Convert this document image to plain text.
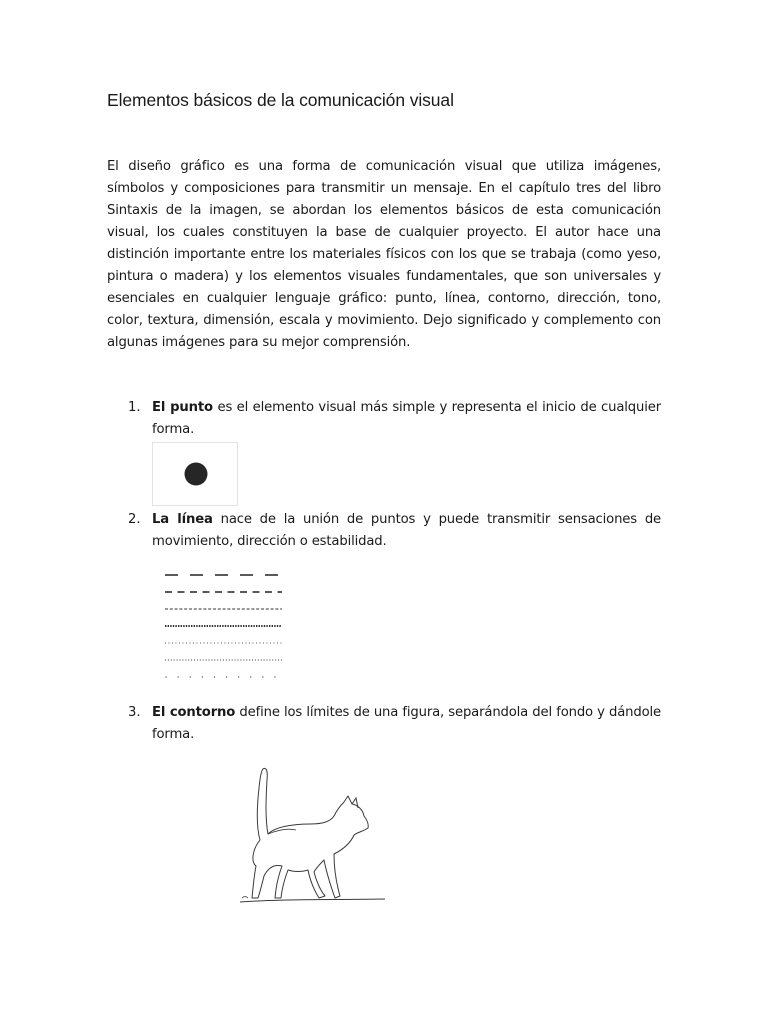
Elementos básicos de la comunicación visual

El diseño gráfico es una forma de comunicación visual que utiliza imágenes, símbolos y composiciones para transmitir un mensaje. En el capítulo tres del libro Sintaxis de la imagen, se abordan los elementos básicos de esta comunicación visual, los cuales constituyen la base de cualquier proyecto. El autor hace una distinción importante entre los materiales físicos con los que se trabaja (como yeso, pintura o madera) y los elementos visuales fundamentales, que son universales y esenciales en cualquier lenguaje gráfico: punto, línea, contorno, dirección, tono, color, textura, dimensión, escala y movimiento. Dejo significado y complemento con algunas imágenes para su mejor comprensión.

1. El punto es el elemento visual más simple y representa el inicio de cualquier forma.

2. La línea nace de la unión de puntos y puede transmitir sensaciones de movimiento, dirección o estabilidad.

3. El contorno define los límites de una figura, separándola del fondo y dándole forma.
